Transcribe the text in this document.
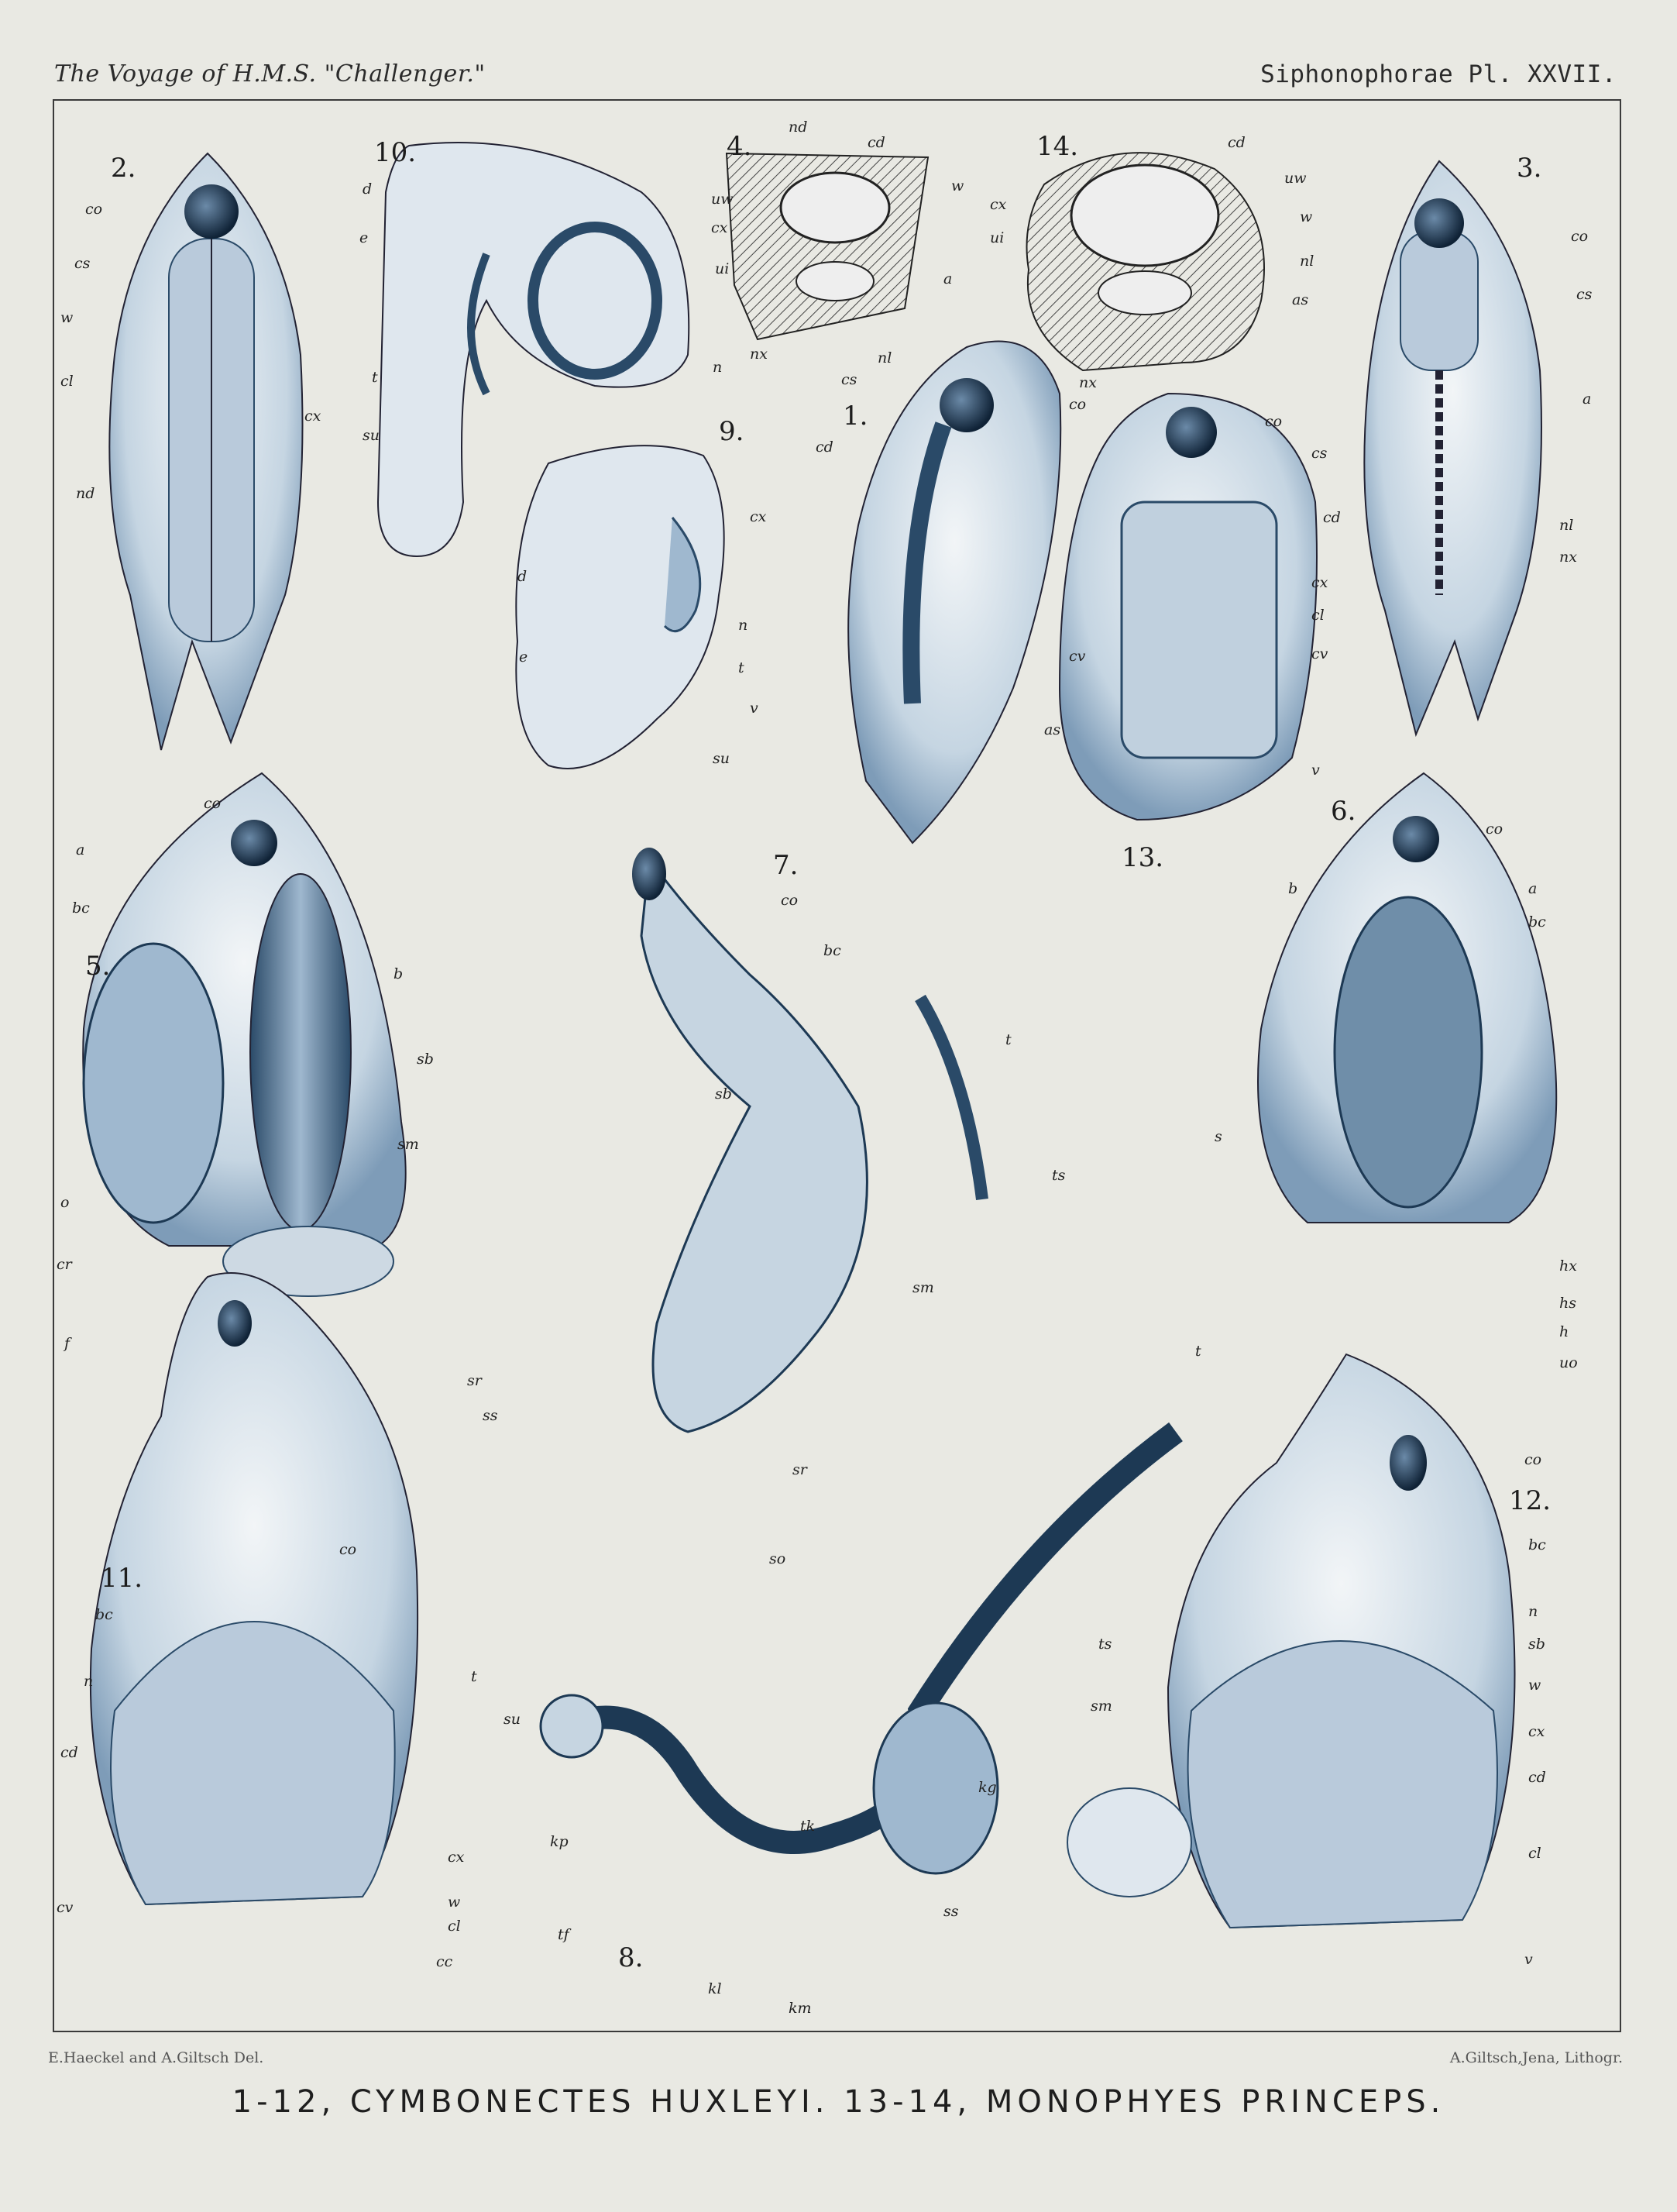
The Voyage of H.M.S. "Challenger."	Siphonophorae Pl. XXVII.
1.
2.	3.
4.
5.
6.
7.
8.
9.
10.
11.
12.
13.
14.
cs
co
cd
cx
cv
v
co
cs
w
cl
cx
nd
co
cs
a
nl
nx
nd
cd
uw
w
cx
ui
a
nx	nl
co
a
bc
b
sb
sm
o
cr
f
sr
ss
co
b	a
bc
s
hx
hs
h
uo
t
co
bc
t
sb
ts
sm
sr
so
ts
kg
tk
kp
tf
kl
km
ss
d
n
e
t
su
d
e
t
su
n
co
bc
n	t
su
cd
cx
w
cv
cl
cc
co
bc
n
sb
w
cx
cd
cl
v
sm
co
cs
cd
cx
cl
cv
as
v
cd
uw
cx
w
ui
nl
as
nx
E.Haeckel and A.Giltsch Del.	A.Giltsch,Jena, Lithogr.
1-12, CYMBONECTES HUXLEYI. 13-14, MONOPHYES PRINCEPS.
